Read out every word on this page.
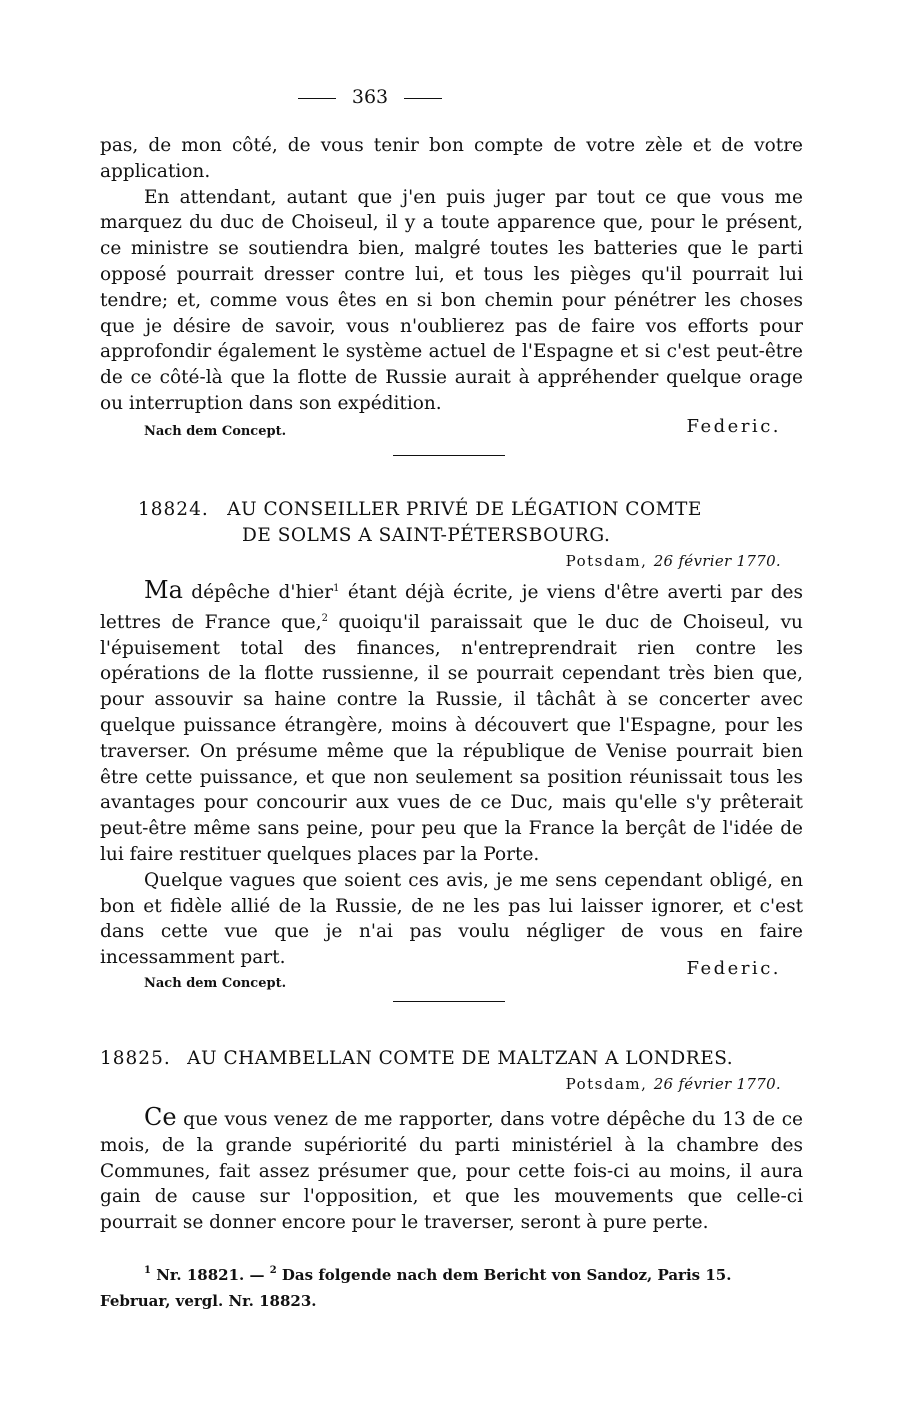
363

pas, de mon côté, de vous tenir bon compte de votre zèle et de votre application.

En attendant, autant que j'en puis juger par tout ce que vous me marquez du duc de Choiseul, il y a toute apparence que, pour le présent, ce ministre se soutiendra bien, malgré toutes les batteries que le parti opposé pourrait dresser contre lui, et tous les pièges qu'il pourrait lui tendre; et, comme vous êtes en si bon chemin pour pénétrer les choses que je désire de savoir, vous n'oublierez pas de faire vos efforts pour approfondir également le système actuel de l'Espagne et si c'est peut-être de ce côté-là que la flotte de Russie aurait à appréhender quelque orage ou interruption dans son expédition.

Nach dem Concept.	Federic.
18824. AU CONSEILLER PRIVÉ DE LÉGATION COMTE
DE SOLMS A SAINT-PÉTERSBOURG.
Potsdam, 26 février 1770.

Ma dépêche d'hier$^1$ étant déjà écrite, je viens d'être averti par des lettres de France que,$^2$ quoiqu'il paraissait que le duc de Choiseul, vu l'épuisement total des finances, n'entreprendrait rien contre les opérations de la flotte russienne, il se pourrait cependant très bien que, pour assouvir sa haine contre la Russie, il tâchât à se concerter avec quelque puissance étrangère, moins à découvert que l'Espagne, pour les traverser. On présume même que la république de Venise pourrait bien être cette puissance, et que non seulement sa position réunissait tous les avantages pour concourir aux vues de ce Duc, mais qu'elle s'y prêterait peut-être même sans peine, pour peu que la France la berçât de l'idée de lui faire restituer quelques places par la Porte.

Quelque vagues que soient ces avis, je me sens cependant obligé, en bon et fidèle allié de la Russie, de ne les pas lui laisser ignorer, et c'est dans cette vue que je n'ai pas voulu négliger de vous en faire incessamment part.

Federic.
Nach dem Concept.
18825. AU CHAMBELLAN COMTE DE MALTZAN A LONDRES.
Potsdam, 26 février 1770.

Ce que vous venez de me rapporter, dans votre dépêche du 13 de ce mois, de la grande supériorité du parti ministériel à la chambre des Communes, fait assez présumer que, pour cette fois-ci au moins, il aura gain de cause sur l'opposition, et que les mouvements que celle-ci pourrait se donner encore pour le traverser, seront à pure perte.

$^1$ Nr. 18821. — $^2$ Das folgende nach dem Bericht von Sandoz, Paris 15. Februar, vergl. Nr. 18823.
